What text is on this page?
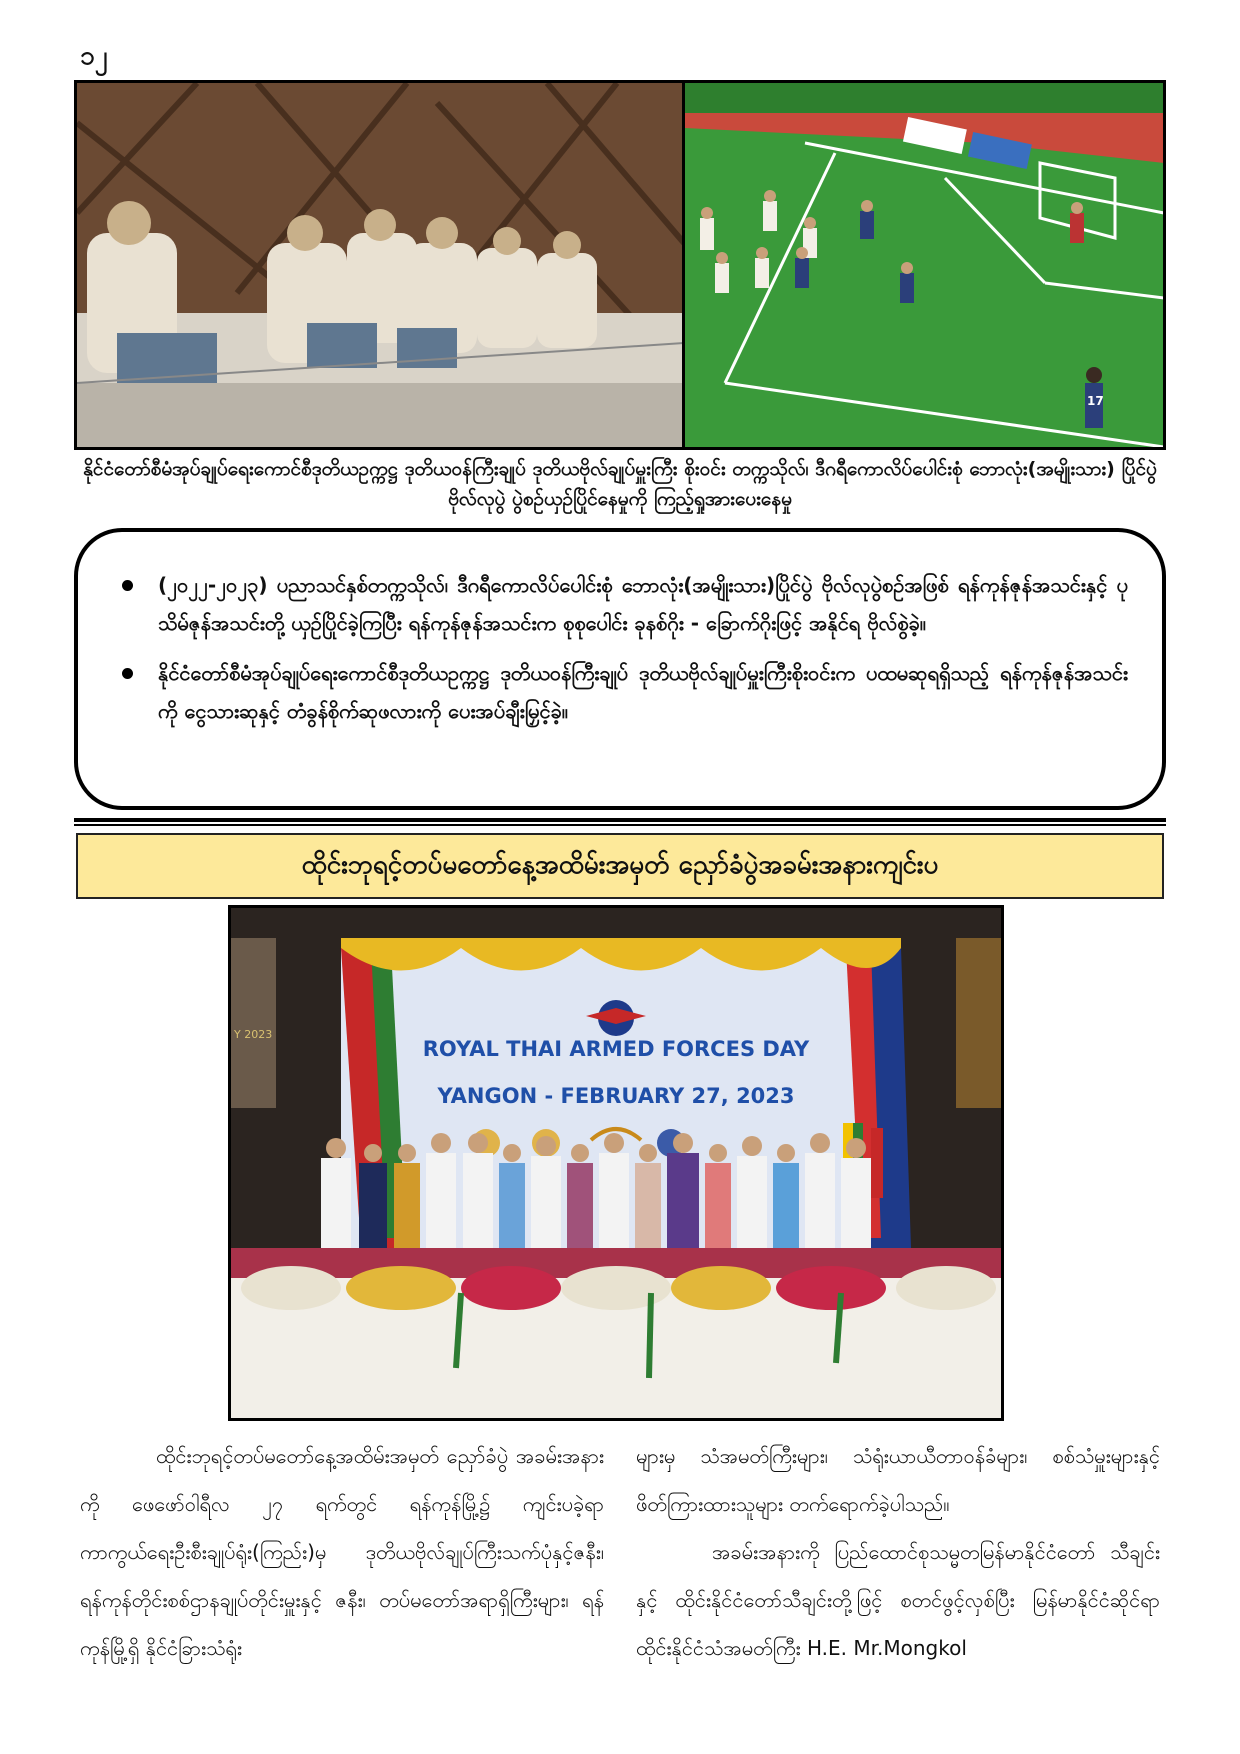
၁၂
17
နိုင်ငံတော်စီမံအုပ်ချုပ်ရေးကောင်စီဒုတိယဥက္ကဋ္ဌ ဒုတိယဝန်ကြီးချုပ် ဒုတိယဗိုလ်ချုပ်မှူးကြီး စိုးဝင်း တက္ကသိုလ်၊ ဒီဂရီကောလိပ်ပေါင်းစုံ ဘောလုံး(အမျိုးသား) ပြိုင်ပွဲ ဗိုလ်လုပွဲ ပွဲစဉ်ယှဉ်ပြိုင်နေမှုကို ကြည့်ရှုအားပေးနေမှု
(၂၀၂၂-၂၀၂၃) ပညာသင်နှစ်တက္ကသိုလ်၊ ဒီဂရီကောလိပ်ပေါင်းစုံ ဘောလုံး(အမျိုးသား)ပြိုင်ပွဲ ဗိုလ်လုပွဲစဉ်အဖြစ် ရန်ကုန်ဇုန်အသင်းနှင့် ပုသိမ်ဇုန်အသင်းတို့ ယှဉ်ပြိုင်ခဲ့ကြပြီး ရန်ကုန်ဇုန်အသင်းက စုစုပေါင်း ခုနစ်ဂိုး - ခြောက်ဂိုးဖြင့် အနိုင်ရ ဗိုလ်စွဲခဲ့။
နိုင်ငံတော်စီမံအုပ်ချုပ်ရေးကောင်စီဒုတိယဥက္ကဋ္ဌ ဒုတိယဝန်ကြီးချုပ် ဒုတိယဗိုလ်ချုပ်မှူးကြီးစိုးဝင်းက ပထမဆုရရှိသည့် ရန်ကုန်ဇုန်အသင်းကို ငွေသားဆုနှင့် တံခွန်စိုက်ဆုဖလားကို ပေးအပ်ချီးမြှင့်ခဲ့။
ထိုင်းဘုရင့်တပ်မတော်နေ့အထိမ်းအမှတ် ညှော်ခံပွဲအခမ်းအနားကျင်းပ
Y 2023
ROYAL THAI ARMED FORCES DAY
YANGON - FEBRUARY 27, 2023

ထိုင်းဘုရင့်တပ်မတော်နေ့အထိမ်းအမှတ် ညှော်ခံပွဲ အခမ်းအနားကို ဖေဖော်ဝါရီလ ၂၇ ရက်တွင် ရန်ကုန်မြို့၌ ကျင်းပခဲ့ရာ ကာကွယ်ရေးဦးစီးချုပ်ရုံး(ကြည်း)မှ ဒုတိယဗိုလ်ချုပ်ကြီးသက်ပုံနှင့်ဇနီး၊ ရန်ကုန်တိုင်းစစ်ဌာနချုပ်တိုင်းမှူးနှင့် ဇနီး၊ တပ်မတော်အရာရှိကြီးများ၊ ရန်ကုန်မြို့ရှိ နိုင်ငံခြားသံရုံး

များမှ သံအမတ်ကြီးများ၊ သံရုံးယာယီတာဝန်ခံများ၊ စစ်သံမှူးများနှင့် ဖိတ်ကြားထားသူများ တက်ရောက်ခဲ့ပါသည်။

အခမ်းအနားကို ပြည်ထောင်စုသမ္မတမြန်မာနိုင်ငံတော် သီချင်းနှင့် ထိုင်းနိုင်ငံတော်သီချင်းတို့ဖြင့် စတင်ဖွင့်လှစ်ပြီး မြန်မာနိုင်ငံဆိုင်ရာ ထိုင်းနိုင်ငံသံအမတ်ကြီး H.E. Mr.Mongkol
